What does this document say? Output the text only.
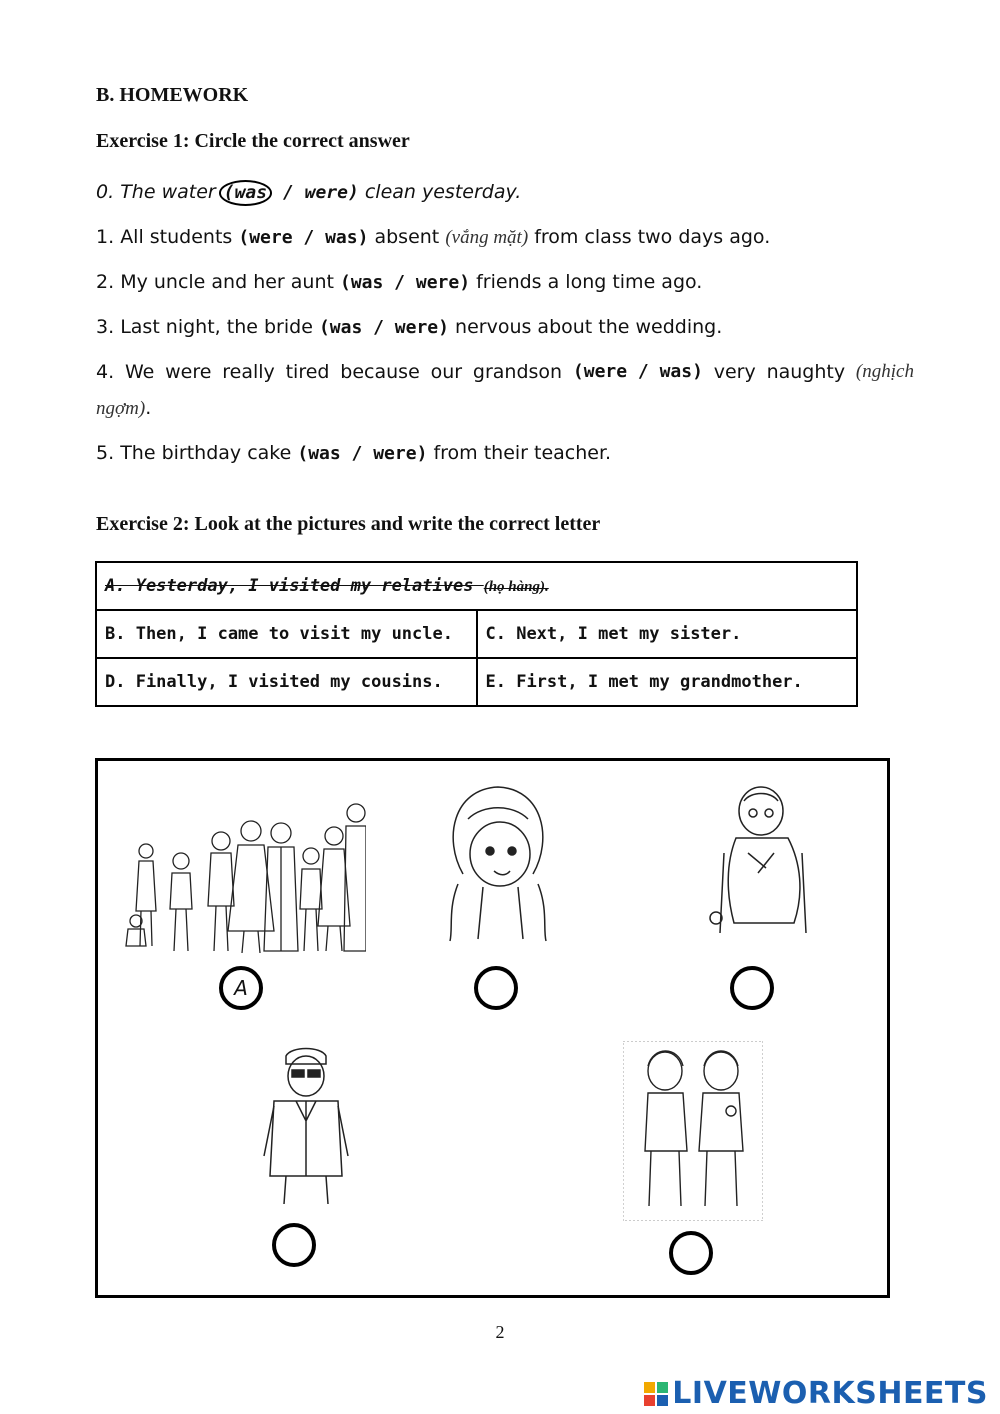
B. HOMEWORK
Exercise 1: Circle the correct answer
0. The water (was / were) clean yesterday.
1. All students (were / was) absent (vắng mặt) from class two days ago.
2. My uncle and her aunt (was / were) friends a long time ago.
3. Last night, the bride (was / were) nervous about the wedding.
4. We were really tired because our grandson (were / was) very naughty (nghịch
ngợm).
5. The birthday cake (was / were) from their teacher.
Exercise 2: Look at the pictures and write the correct letter
A. Yesterday, I visited my relatives (họ hàng).	
B. Then, I came to visit my uncle.	C. Next, I met my sister.
D. Finally, I visited my cousins.	E. First, I met my grandmother.
A
2
LIVEWORKSHEETS
